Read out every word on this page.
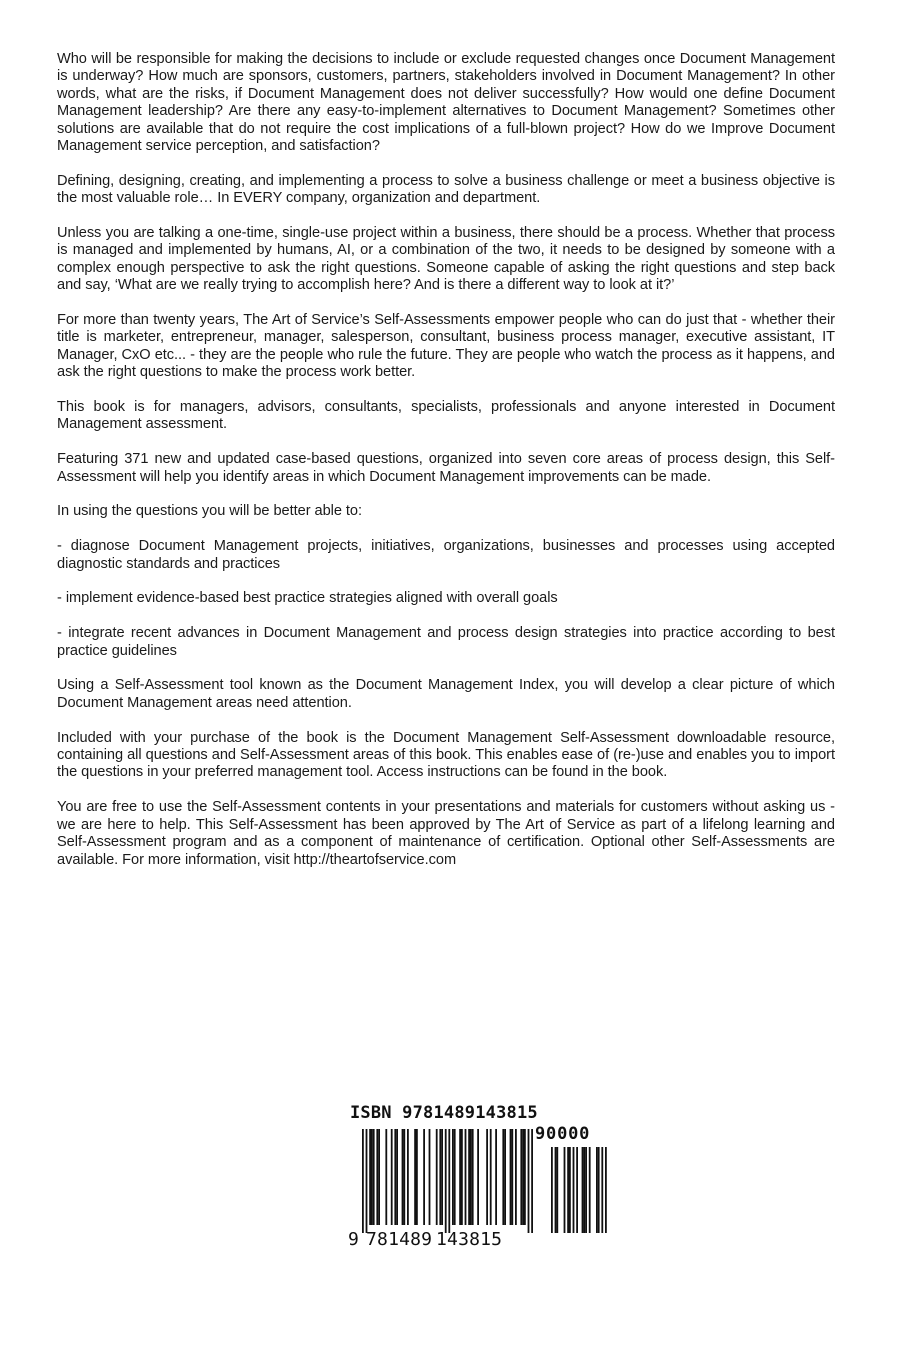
Who will be responsible for making the decisions to include or exclude requested changes once Document Management is underway? How much are sponsors, customers, partners, stakeholders involved in Document Management? In other words, what are the risks, if Document Management does not deliver successfully? How would one define Document Management leadership? Are there any easy-to-implement alternatives to Document Management? Sometimes other solutions are available that do not require the cost implications of a full-blown project? How do we Improve Document Management service perception, and satisfaction?

Defining, designing, creating, and implementing a process to solve a business challenge or meet a business objective is the most valuable role… In EVERY company, organization and department.

Unless you are talking a one-time, single-use project within a business, there should be a process. Whether that process is managed and implemented by humans, AI, or a combination of the two, it needs to be designed by someone with a complex enough perspective to ask the right questions. Someone capable of asking the right questions and step back and say, ‘What are we really trying to accomplish here? And is there a different way to look at it?’

For more than twenty years, The Art of Service’s Self-Assessments empower people who can do just that - whether their title is marketer, entrepreneur, manager, salesperson, consultant, business process manager, executive assistant, IT Manager, CxO etc... - they are the people who rule the future. They are people who watch the process as it happens, and ask the right questions to make the process work better.

This book is for managers, advisors, consultants, specialists, professionals and anyone interested in Document Management assessment.

Featuring 371 new and updated case-based questions, organized into seven core areas of process design, this Self-Assessment will help you identify areas in which Document Management improvements can be made.

In using the questions you will be better able to:

- diagnose Document Management projects, initiatives, organizations, businesses and processes using accepted diagnostic standards and practices

- implement evidence-based best practice strategies aligned with overall goals

- integrate recent advances in Document Management and process design strategies into practice according to best practice guidelines

Using a Self-Assessment tool known as the Document Management Index, you will develop a clear picture of which Document Management areas need attention.

Included with your purchase of the book is the Document Management Self-Assessment downloadable resource, containing all questions and Self-Assessment areas of this book. This enables ease of (re-)use and enables you to import the questions in your preferred management tool. Access instructions can be found in the book.

You are free to use the Self-Assessment contents in your presentations and materials for customers without asking us - we are here to help. This Self-Assessment has been approved by The Art of Service as part of a lifelong learning and Self-Assessment program and as a component of maintenance of certification. Optional other Self-Assessments are available. For more information, visit http://theartofservice.com

ISBN 9781489143815
90000
9 781489 143815
